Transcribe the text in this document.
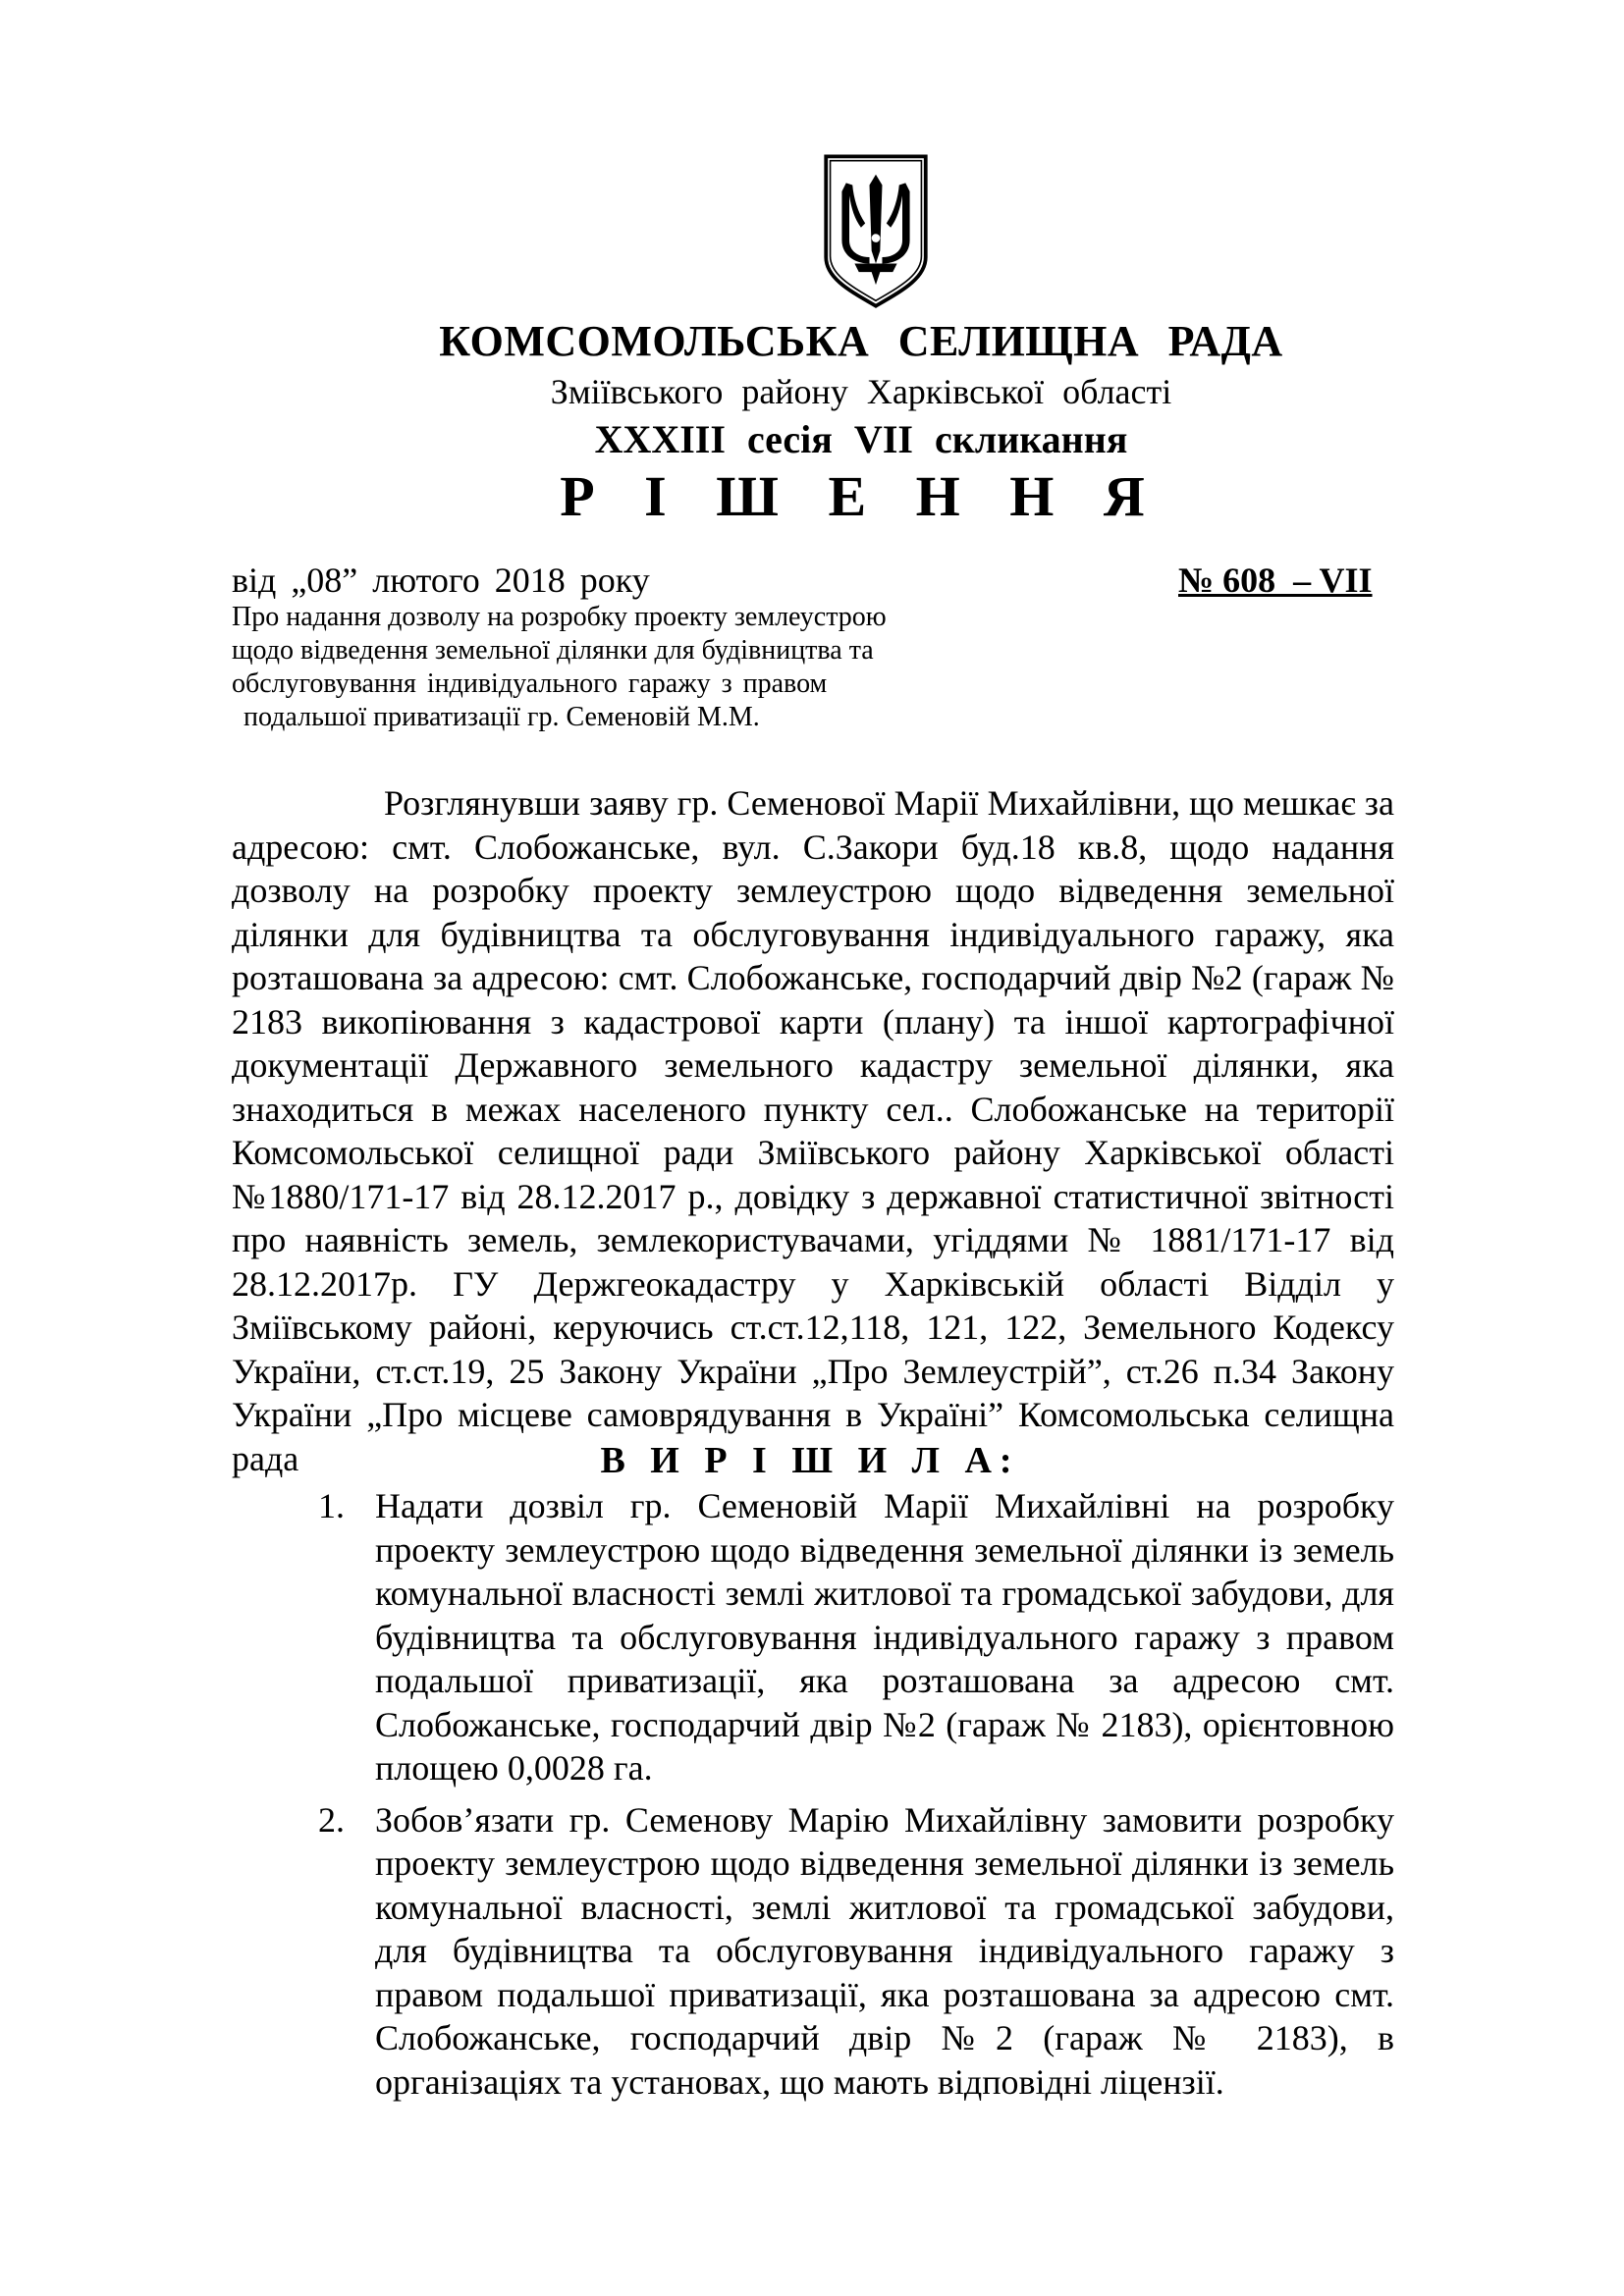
КОМСОМОЛЬСЬКА СЕЛИЩНА РАДА
Зміївського району Харківської області
XXXIII сесія VII скликання
Р І Ш Е Н Н Я
від „08” лютого 2018 року	№ 608  – VII
Про надання дозволу на розробку проекту землеустрою
щодо відведення земельної ділянки для будівництва та
обслуговування індивідуального гаражу з правом
подальшої приватизації гр. Семеновій М.М.

Розглянувши заяву гр. Семенової Марії Михайлівни, що мешкає за адресою: смт. Слобожанське, вул. С.Закори буд.18 кв.8, щодо надання дозволу на розробку проекту землеустрою щодо відведення земельної ділянки для будівництва та обслуговування індивідуального гаражу, яка розташована за адресою: смт. Слобожанське, господарчий двір №2 (гараж № 2183 викопіювання з кадастрової карти (плану) та іншої картографічної документації Державного земельного кадастру земельної ділянки, яка знаходиться в межах населеного пункту сел.. Слобожанське на території Комсомольської селищної ради Зміївського району Харківської області №1880/171-17 від 28.12.2017 р., довідку з державної статистичної звітності про наявність земель, землекористувачами, угіддями № 1881/171-17 від 28.12.2017р. ГУ Держгеокадастру у Харківській області Відділ у Зміївському районі, керуючись ст.ст.12,118, 121, 122, Земельного Кодексу України, ст.ст.19, 25 Закону України „Про Землеустрій”, ст.26 п.34 Закону України „Про місцеве самоврядування в Україні” Комсомольська селищна рада	В И Р І Ш И Л А:
1. Надати дозвіл гр. Семеновій Марії Михайлівні на розробку проекту землеустрою щодо відведення земельної ділянки із земель комунальної власності землі житлової та громадської забудови, для будівництва та обслуговування індивідуального гаражу з правом подальшої приватизації, яка розташована за адресою смт. Слобожанське, господарчий двір №2 (гараж № 2183), орієнтовною площею 0,0028 га.
2. Зобов’язати гр. Семенову Марію Михайлівну замовити розробку проекту землеустрою щодо відведення земельної ділянки із земель комунальної власності, землі житлової та громадської забудови, для будівництва та обслуговування індивідуального гаражу з правом подальшої приватизації, яка розташована за адресою смт. Слобожанське, господарчий двір №2 (гараж № 2183), в організаціях та установах, що мають відповідні ліцензії.
